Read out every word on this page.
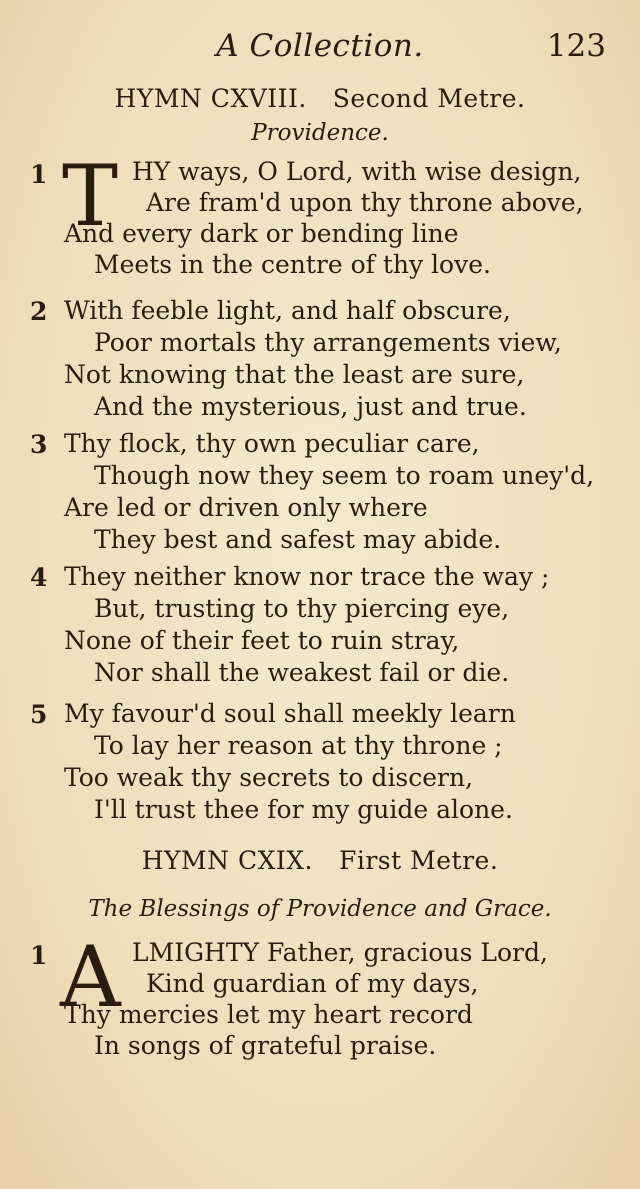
A Collection.	123
HYMN CXVIII. Second Metre.
Providence.
1 T HY ways, O Lord, with wise design,
Are fram'd upon thy throne above,
And every dark or bending line
Meets in the centre of thy love.
2 With feeble light, and half obscure,
Poor mortals thy arrangements view,
Not knowing that the least are sure,
And the mysterious, just and true.
3 Thy flock, thy own peculiar care,
Though now they seem to roam uney'd,
Are led or driven only where
They best and safest may abide.
4 They neither know nor trace the way ;
But, trusting to thy piercing eye,
None of their feet to ruin stray,
Nor shall the weakest fail or die.
5 My favour'd soul shall meekly learn
To lay her reason at thy throne ;
Too weak thy secrets to discern,
I'll trust thee for my guide alone.
HYMN CXIX. First Metre.
The Blessings of Providence and Grace.
1 A LMIGHTY Father, gracious Lord,
Kind guardian of my days,
Thy mercies let my heart record
In songs of grateful praise.
